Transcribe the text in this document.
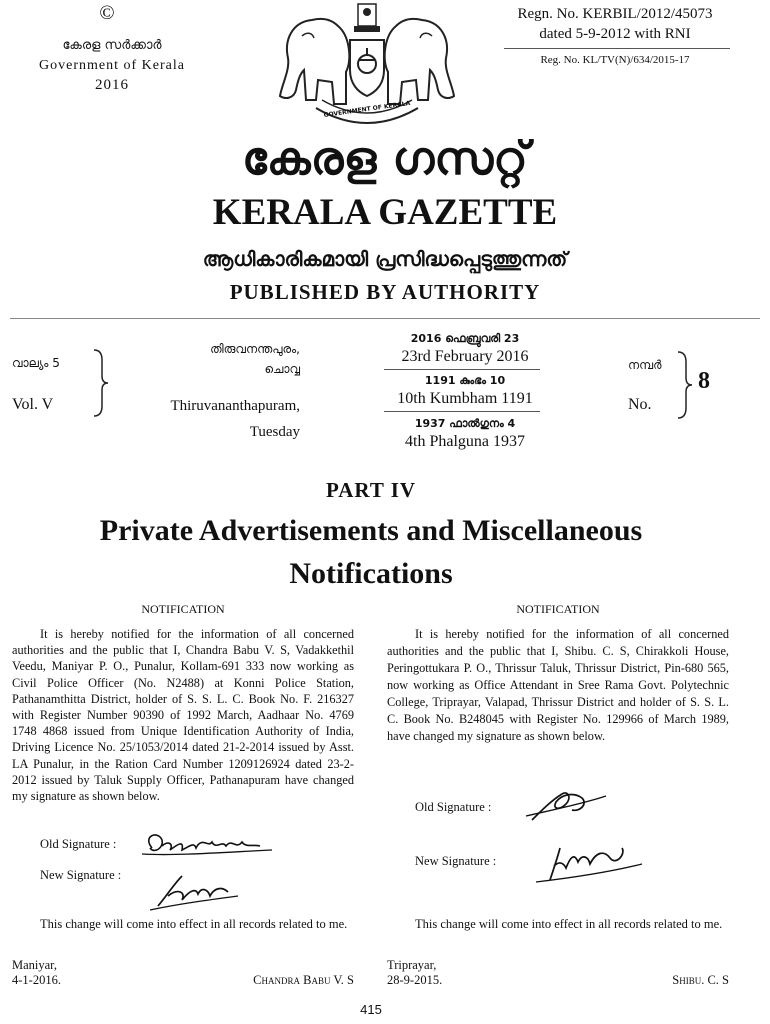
©
കേരള സർക്കാർ
Government of Kerala
2016
GOVERNMENT OF KERALA
Regn. No. KERBIL/2012/45073
dated 5-9-2012 with RNI
Reg. No. KL/TV(N)/634/2015-17
കേരള ഗസറ്റ്
KERALA GAZETTE
ആധികാരികമായി പ്രസിദ്ധപ്പെടുത്തുന്നത്
PUBLISHED BY AUTHORITY
വാല്യം 5
Vol. V
തിരുവനന്തപുരം,
ചൊവ്വ
Thiruvananthapuram,
Tuesday
2016 ഫെബ്രുവരി 23
23rd February 2016
1191 കുംഭം 10
10th Kumbham 1191
1937 ഫാൽഗുനം 4
4th Phalguna 1937
നമ്പർ
No.
8
PART IV
Private Advertisements and Miscellaneous
Notifications
NOTIFICATION
It is hereby notified for the information of all concerned authorities and the public that I, Chandra Babu V. S, Vadakkethil Veedu, Maniyar P. O., Punalur, Kollam-691 333 now working as Civil Police Officer (No. N2488) at Konni Police Station, Pathanamthitta District, holder of S. S. L. C. Book No. F. 216327 with Register Number 90390 of 1992 March, Aadhaar No. 4769 1748 4868 issued from Unique Identification Authority of India, Driving Licence No. 25/1053/2014 dated 21-2-2014 issued by Asst. LA Punalur, in the Ration Card Number 1209126924 dated 23-2-2012 issued by Taluk Supply Officer, Pathanapuram have changed my signature as shown below.
Old Signature :
New Signature :
This change will come into effect in all records related to me.
Maniyar,
4-1-2016.	Chandra Babu V. S
NOTIFICATION
It is hereby notified for the information of all concerned authorities and the public that I, Shibu. C. S, Chirakkoli House, Peringottukara P. O., Thrissur Taluk, Thrissur District, Pin-680 565, now working as Office Attendant in Sree Rama Govt. Polytechnic College, Triprayar, Valapad, Thrissur District and holder of S. S. L. C. Book No. B248045 with Register No. 129966 of March 1989, have changed my signature as shown below.
Old Signature :
New Signature :
This change will come into effect in all records related to me.
Triprayar,
28-9-2015.	Shibu. C. S
415
